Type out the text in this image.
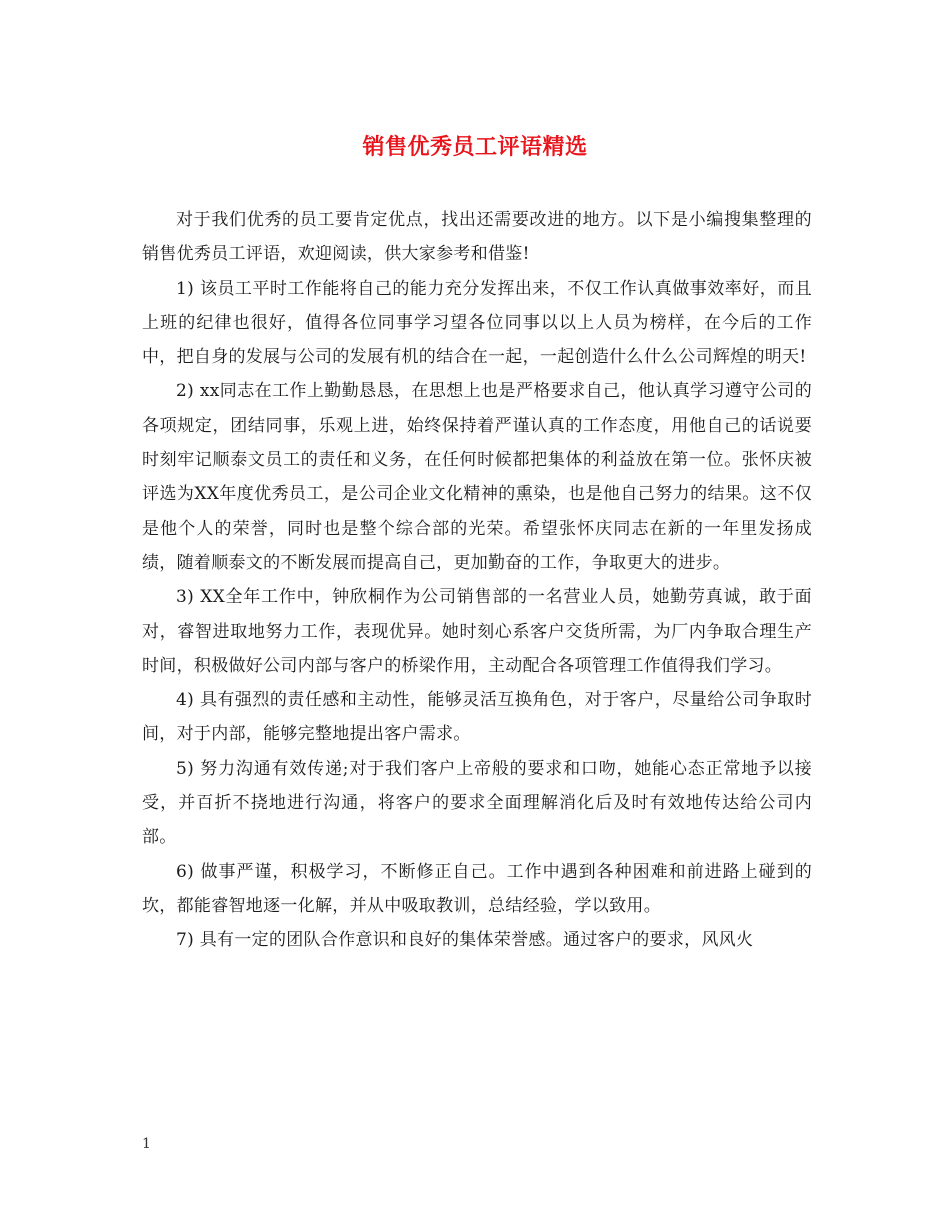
销售优秀员工评语精选

对于我们优秀的员工要肯定优点，找出还需要改进的地方。以下是小编搜集整理的销售优秀员工评语，欢迎阅读，供大家参考和借鉴!

1) 该员工平时工作能将自己的能力充分发挥出来，不仅工作认真做事效率好，而且上班的纪律也很好，值得各位同事学习望各位同事以以上人员为榜样，在今后的工作中，把自身的发展与公司的发展有机的结合在一起，一起创造什么什么公司辉煌的明天!

2) xx同志在工作上勤勤恳恳，在思想上也是严格要求自己，他认真学习遵守公司的各项规定，团结同事，乐观上进，始终保持着严谨认真的工作态度，用他自己的话说要时刻牢记顺泰文员工的责任和义务，在任何时候都把集体的利益放在第一位。张怀庆被评选为XX年度优秀员工，是公司企业文化精神的熏染，也是他自己努力的结果。这不仅是他个人的荣誉，同时也是整个综合部的光荣。希望张怀庆同志在新的一年里发扬成绩，随着顺泰文的不断发展而提高自己，更加勤奋的工作，争取更大的进步。

3) XX全年工作中，钟欣桐作为公司销售部的一名营业人员，她勤劳真诚，敢于面对，睿智进取地努力工作，表现优异。她时刻心系客户交货所需，为厂内争取合理生产时间，积极做好公司内部与客户的桥梁作用，主动配合各项管理工作值得我们学习。

4) 具有强烈的责任感和主动性，能够灵活互换角色，对于客户，尽量给公司争取时间，对于内部，能够完整地提出客户需求。

5) 努力沟通有效传递;对于我们客户上帝般的要求和口吻，她能心态正常地予以接受，并百折不挠地进行沟通，将客户的要求全面理解消化后及时有效地传达给公司内部。

6) 做事严谨，积极学习，不断修正自己。工作中遇到各种困难和前进路上碰到的坎，都能睿智地逐一化解，并从中吸取教训，总结经验，学以致用。

7) 具有一定的团队合作意识和良好的集体荣誉感。通过客户的要求，风风火

1
